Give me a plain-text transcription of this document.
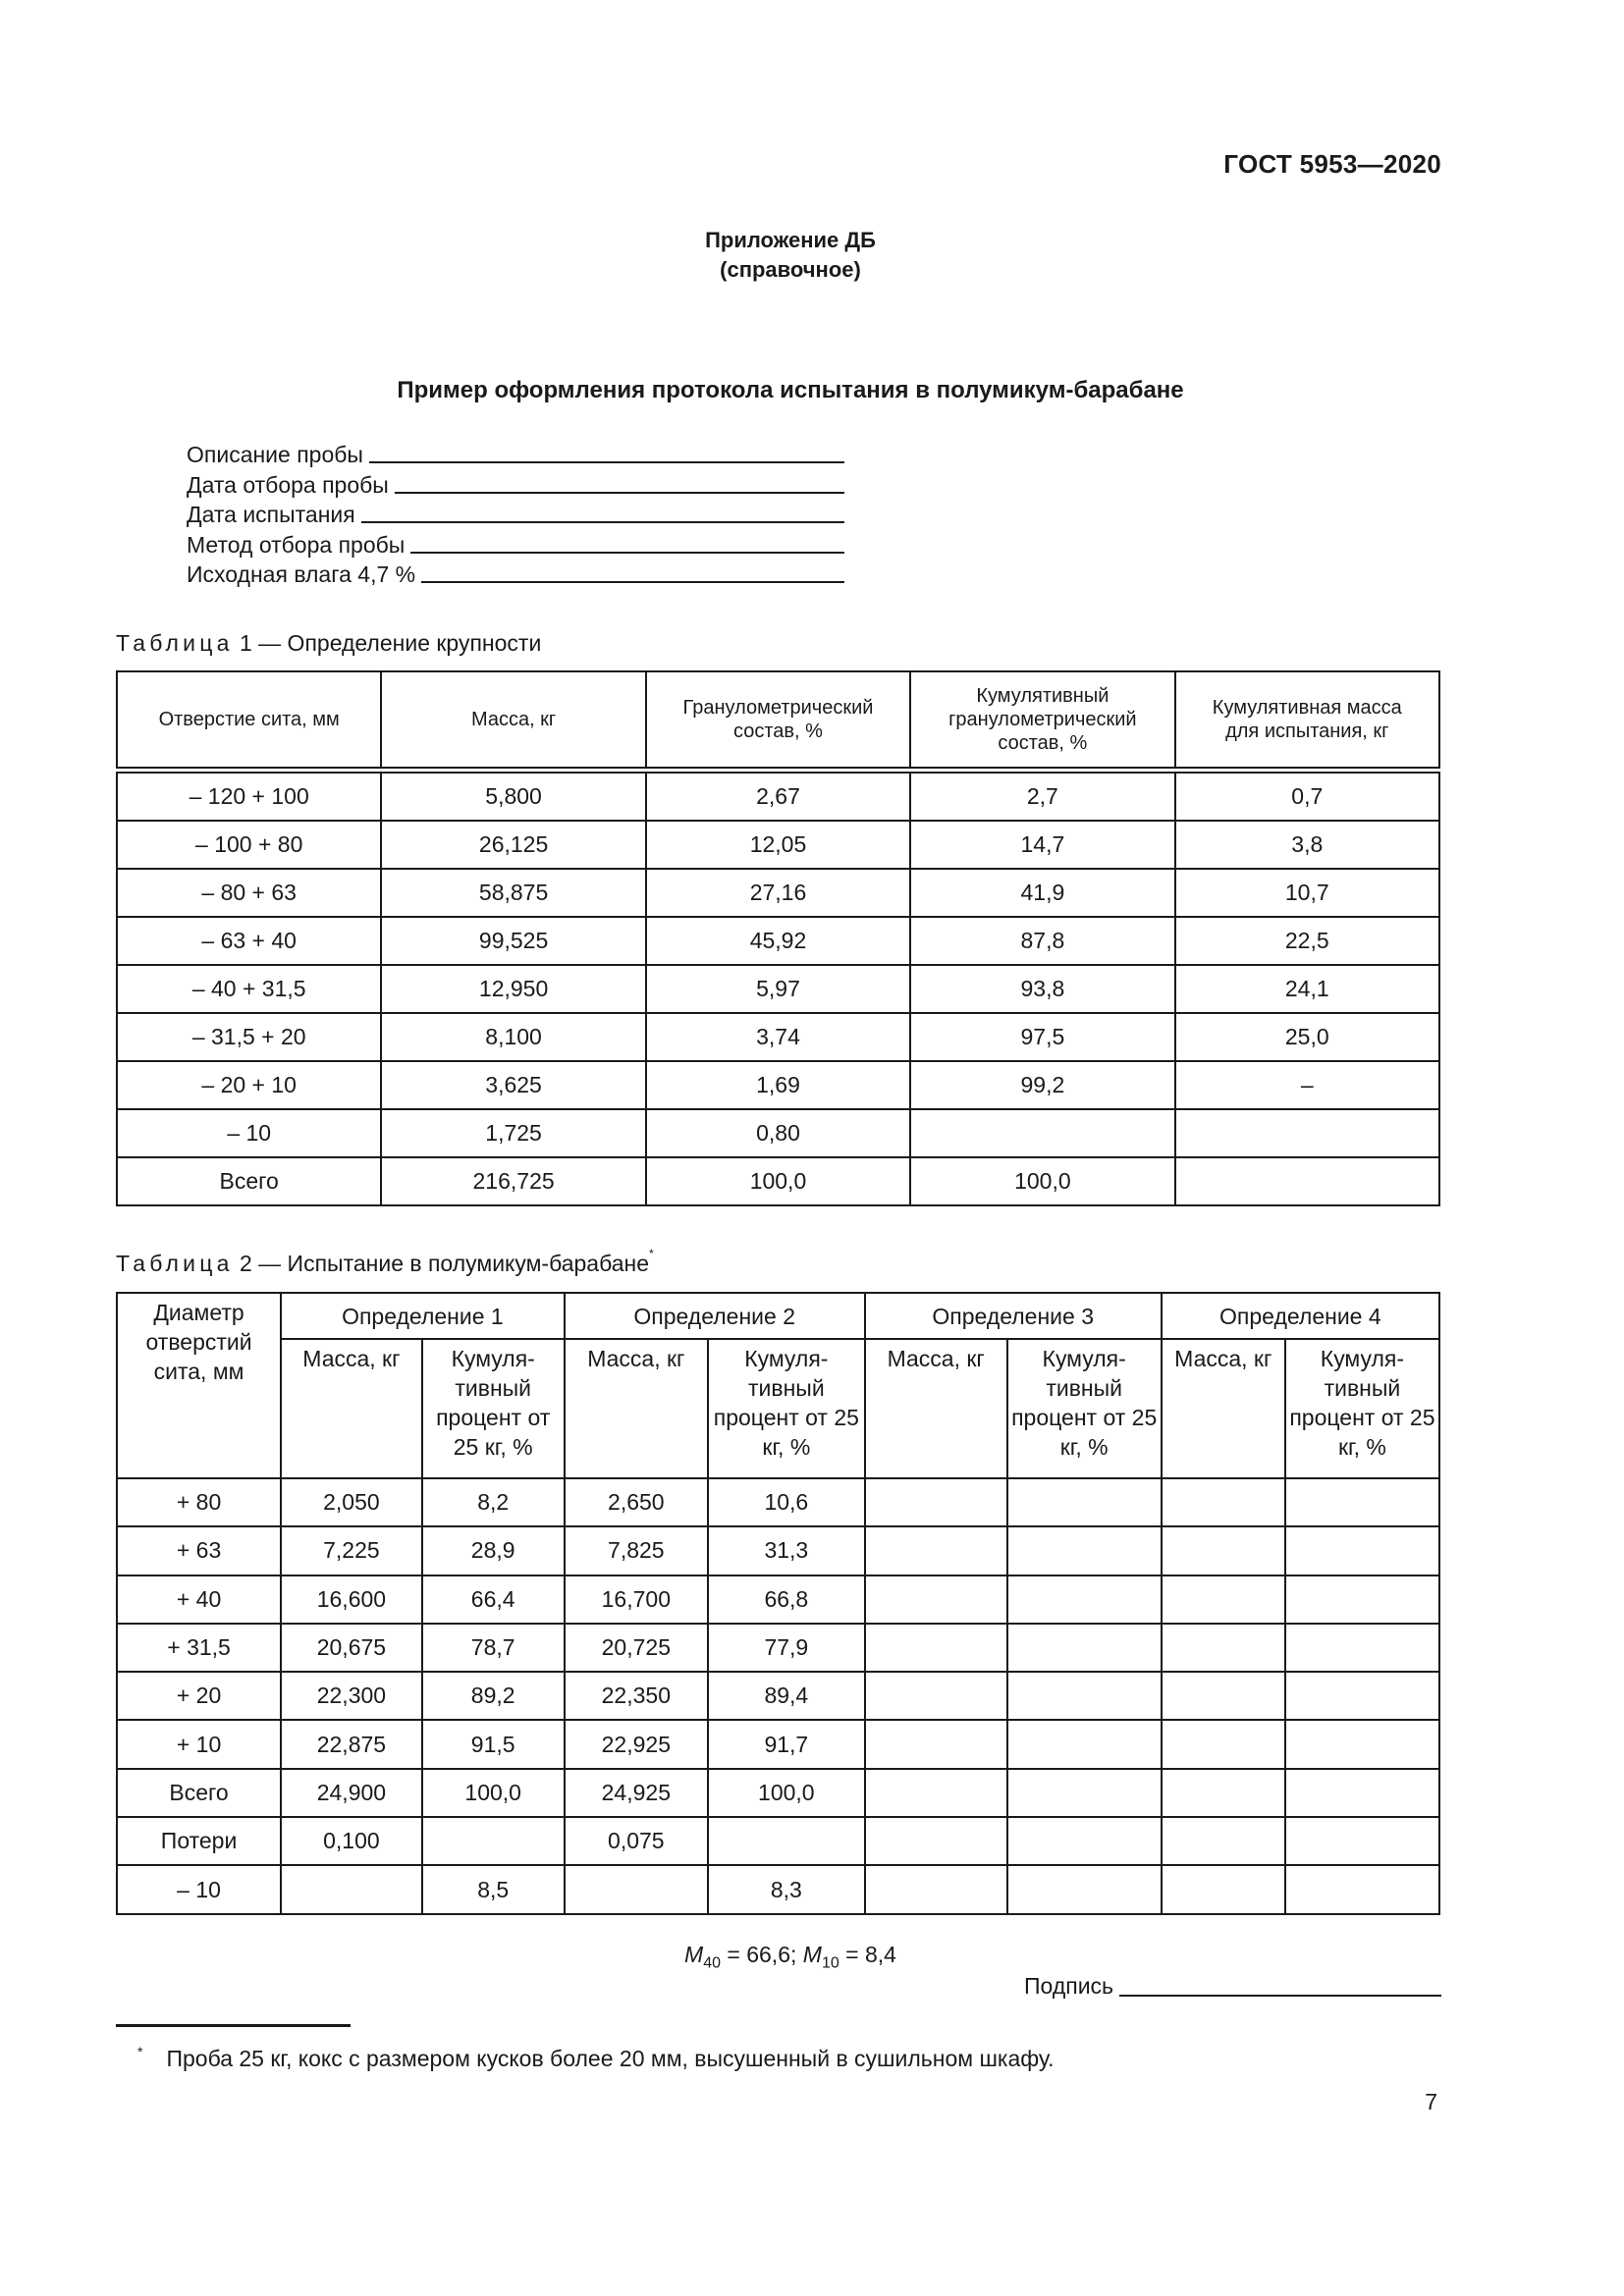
ГОСТ 5953—2020
Приложение ДБ
(справочное)
Пример оформления протокола испытания в полумикум-барабане
Описание пробы
Дата отбора пробы
Дата испытания
Метод отбора пробы
Исходная влага 4,7 %
Таблица 1 — Определение крупности
Отверстие сита, мм	Масса, кг	Гранулометрический состав, %	Кумулятивный гранулометрический состав, %	Кумулятивная масса для испытания, кг
– 120 + 100	5,800	2,67	2,7	0,7
– 100 + 80	26,125	12,05	14,7	3,8
– 80 + 63	58,875	27,16	41,9	10,7
– 63 + 40	99,525	45,92	87,8	22,5
– 40 + 31,5	12,950	5,97	93,8	24,1
– 31,5 + 20	8,100	3,74	97,5	25,0
– 20 + 10	3,625	1,69	99,2	–
– 10	1,725	0,80		
Всего	216,725	100,0	100,0	
Таблица 2 — Испытание в полумикум-барабане*
Диаметр отверстий сита, мм	Определение 1		Определение 2		Определение 3		Определение 4	
	Масса, кг	Кумуля-тивный процент от 25 кг, %	Масса, кг	Кумуля-тивный процент от 25 кг, %	Масса, кг	Кумуля-тивный процент от 25 кг, %	Масса, кг	Кумуля-тивный процент от 25 кг, %
+ 80	2,050	8,2	2,650	10,6				
+ 63	7,225	28,9	7,825	31,3				
+ 40	16,600	66,4	16,700	66,8				
+ 31,5	20,675	78,7	20,725	77,9				
+ 20	22,300	89,2	22,350	89,4				
+ 10	22,875	91,5	22,925	91,7				
Всего	24,900	100,0	24,925	100,0				
Потери	0,100		0,075					
– 10		8,5		8,3				
$M_{40} = 66,6$; $M_{10} = 8,4$
Подпись
* Проба 25 кг, кокс с размером кусков более 20 мм, высушенный в сушильном шкафу.
7
